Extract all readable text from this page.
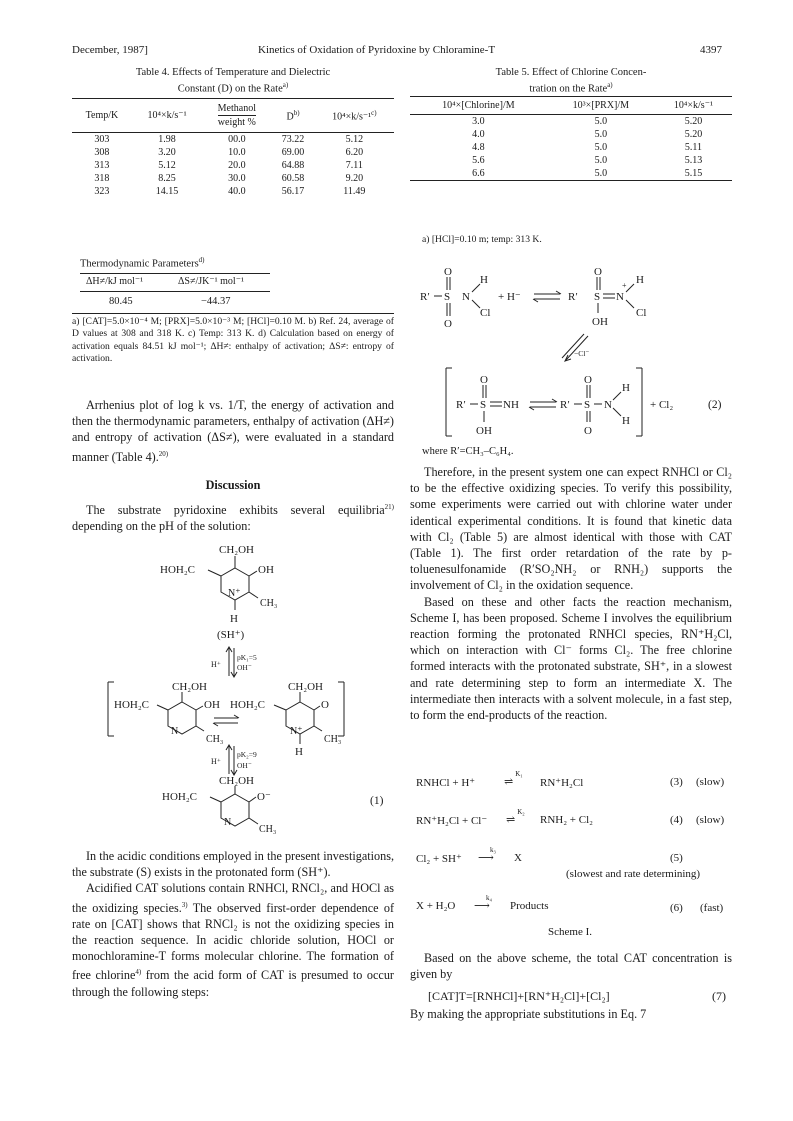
December, 1987]	Kinetics of Oxidation of Pyridoxine by Chloramine-T	4397
Table 4. Effects of Temperature and Dielectric
Constant (D) on the Rate$^{a)}$
Temp/K	10⁴×k/s⁻¹	Methanol
weight %	$D^{b)}$	10⁴×k/s⁻¹$^{c)}$
303	1.98	00.0	73.22	5.12
308	3.20	10.0	69.00	6.20
313	5.12	20.0	64.88	7.11
318	8.25	30.0	60.58	9.20
323	14.15	40.0	56.17	11.49
Thermodynamic Parameters$^{d)}$
ΔH≠/kJ mol⁻¹	ΔS≠/JK⁻¹ mol⁻¹
80.45	−44.37
a) [CAT]=5.0×10⁻⁴ M; [PRX]=5.0×10⁻³ M; [HCl]=0.10 M. b) Ref. 24, average of D values at 308 and 318 K. c) Temp: 313 K. d) Calculation based on energy of activation equals 84.51 kJ mol⁻¹; ΔH≠: enthalpy of activation; ΔS≠: entropy of activation.

Arrhenius plot of log k vs. 1/T, the energy of activation and then the thermodynamic parameters, enthalpy of activation (ΔH≠) and entropy of activation (ΔS≠), were evaluated in a standard manner (Table 4).$^{20)}$

Discussion

The substrate pyridoxine exhibits several equilibria$^{21)}$ depending on the pH of the solution:

CH₂OH
HOH₂C	OH
N⁺
CH₃
H
(SH⁺)
H⁺
pK₁=5
OH⁻
CH₂OH
HOH₂C	OH
N
CH₃
CH₂OH
HOH₂C	O
N⁺
CH₃
H
H⁺
pK₂=9
OH⁻
CH₂OH
HOH₂C	O⁻
N
CH₃
(1)

In the acidic conditions employed in the present investigations, the substrate (S) exists in the protonated form (SH⁺).

Acidified CAT solutions contain RNHCl, RNCl₂, and HOCl as the oxidizing species.$^{3)}$ The observed first-order dependence of rate on [CAT] shows that RNCl₂ is not the oxidizing species in the reaction sequence. In acidic chloride solution, HOCl or monochloramine-T forms molecular chlorine. The formation of free chlorine$^{4)}$ from the acid form of CAT is presumed to occur through the following steps:

Table 5. Effect of Chlorine Concen-
tration on the Rate$^{a)}$
10⁴×[Chlorine]/M	10³×[PRX]/M	10⁴×k/s⁻¹
3.0	5.0	5.20
4.0	5.0	5.20
4.8	5.0	5.11
5.6	5.0	5.13
6.6	5.0	5.15
a) [HCl]=0.10 m; temp: 313 K.
R′ S
O
O
N
H
Cl
+ H⁻	R′ S
O
N
+ H
Cl
OH
−Cl⁻
R′ S
O
NH
OH
R′ S
O
O
N
H
H
+ Cl₂	(2)
where R′=CH₃–C₆H₄.

Therefore, in the present system one can expect RNHCl or Cl₂ to be the effective oxidizing species. To verify this possibility, some experiments were carried out with chlorine water under identical experimental conditions. It is found that kinetic data with Cl₂ (Table 5) are almost identical with those with CAT (Table 1). The first order retardation of the rate by p-toluenesulfonamide (R′SO₂NH₂ or RNH₂) supports the involvement of Cl₂ in the oxidation sequence.

Based on these and other facts the reaction mechanism, Scheme I, has been proposed. Scheme I involves the equilibrium reaction forming the protonated RNHCl species, RN⁺H₂Cl, which on interaction with Cl⁻ forms Cl₂. The free chlorine formed interacts with the protonated substrate, SH⁺, in a slowest and rate determining step to form an intermediate X. The intermediate then interacts with a solvent molecule, in a fast step, to form the end-products of the reaction.

RNHCl + H⁺
K₁
⇌	RN⁺H₂Cl	(3) (slow)
RN⁺H₂Cl + Cl⁻
K₂
⇌	RNH₂ + Cl₂	(4) (slow)
Cl₂ + SH⁺
k₃
⟶	X	(5)
(slowest and rate determining)
X + H₂O
k₄
⟶	Products	(6) (fast)
Scheme I.

Based on the above scheme, the total CAT concentration is given by

[CAT]T=[RNHCl]+[RN⁺H₂Cl]+[Cl₂]	(7)
By making the appropriate substitutions in Eq. 7
